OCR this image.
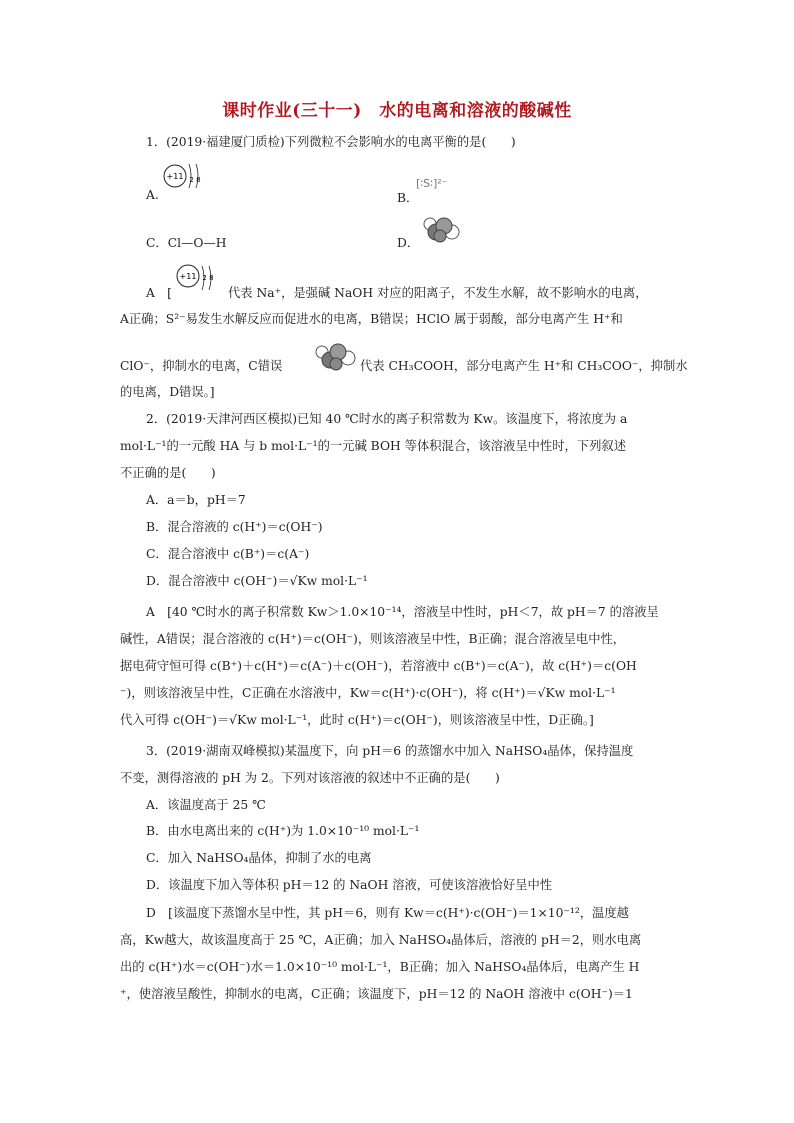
课时作业(三十一)　水的电离和溶液的酸碱性
1．(2019·福建厦门质检)下列微粒不会影响水的电离平衡的是(　　)
A.
+11 2 8
B．
[∶S∶]²⁻
C．Cl—O—H	D．
A　[
+11 2 8
代表 Na⁺，是强碱 NaOH 对应的阳离子，不发生水解，故不影响水的电离，
A正确；S²⁻易发生水解反应而促进水的电离，B错误；HClO 属于弱酸，部分电离产生 H⁺和
ClO⁻，抑制水的电离，C错误	代表 CH₃COOH，部分电离产生 H⁺和 CH₃COO⁻，抑制水
的电离，D错误。]
2．(2019·天津河西区模拟)已知 40 ℃时水的离子积常数为 Kw。该温度下，将浓度为 a
mol·L⁻¹的一元酸 HA 与 b mol·L⁻¹的一元碱 BOH 等体积混合，该溶液呈中性时，下列叙述
不正确的是(　　)
A．a＝b，pH＝7
B．混合溶液的 c(H⁺)＝c(OH⁻)
C．混合溶液中 c(B⁺)＝c(A⁻)
D．混合溶液中 c(OH⁻)＝√Kw mol·L⁻¹
A　[40 ℃时水的离子积常数 Kw＞1.0×10⁻¹⁴，溶液呈中性时，pH＜7，故 pH＝7 的溶液呈
碱性，A错误；混合溶液的 c(H⁺)＝c(OH⁻)，则该溶液呈中性，B正确；混合溶液呈电中性，
据电荷守恒可得 c(B⁺)＋c(H⁺)＝c(A⁻)＋c(OH⁻)，若溶液中 c(B⁺)＝c(A⁻)，故 c(H⁺)＝c(OH
⁻)，则该溶液呈中性，C正确在水溶液中，Kw＝c(H⁺)·c(OH⁻)，将 c(H⁺)＝√Kw mol·L⁻¹
代入可得 c(OH⁻)＝√Kw mol·L⁻¹，此时 c(H⁺)＝c(OH⁻)，则该溶液呈中性，D正确。]
3．(2019·湖南双峰模拟)某温度下，向 pH＝6 的蒸馏水中加入 NaHSO₄晶体，保持温度
不变，测得溶液的 pH 为 2。下列对该溶液的叙述中不正确的是(　　)
A．该温度高于 25 ℃
B．由水电离出来的 c(H⁺)为 1.0×10⁻¹⁰ mol·L⁻¹
C．加入 NaHSO₄晶体，抑制了水的电离
D．该温度下加入等体积 pH＝12 的 NaOH 溶液，可使该溶液恰好呈中性
D　[该温度下蒸馏水呈中性，其 pH＝6，则有 Kw＝c(H⁺)·c(OH⁻)＝1×10⁻¹²，温度越
高，Kw越大，故该温度高于 25 ℃，A正确；加入 NaHSO₄晶体后，溶液的 pH＝2，则水电离
出的 c(H⁺)水＝c(OH⁻)水＝1.0×10⁻¹⁰ mol·L⁻¹，B正确；加入 NaHSO₄晶体后，电离产生 H
⁺，使溶液呈酸性，抑制水的电离，C正确；该温度下，pH＝12 的 NaOH 溶液中 c(OH⁻)＝1
